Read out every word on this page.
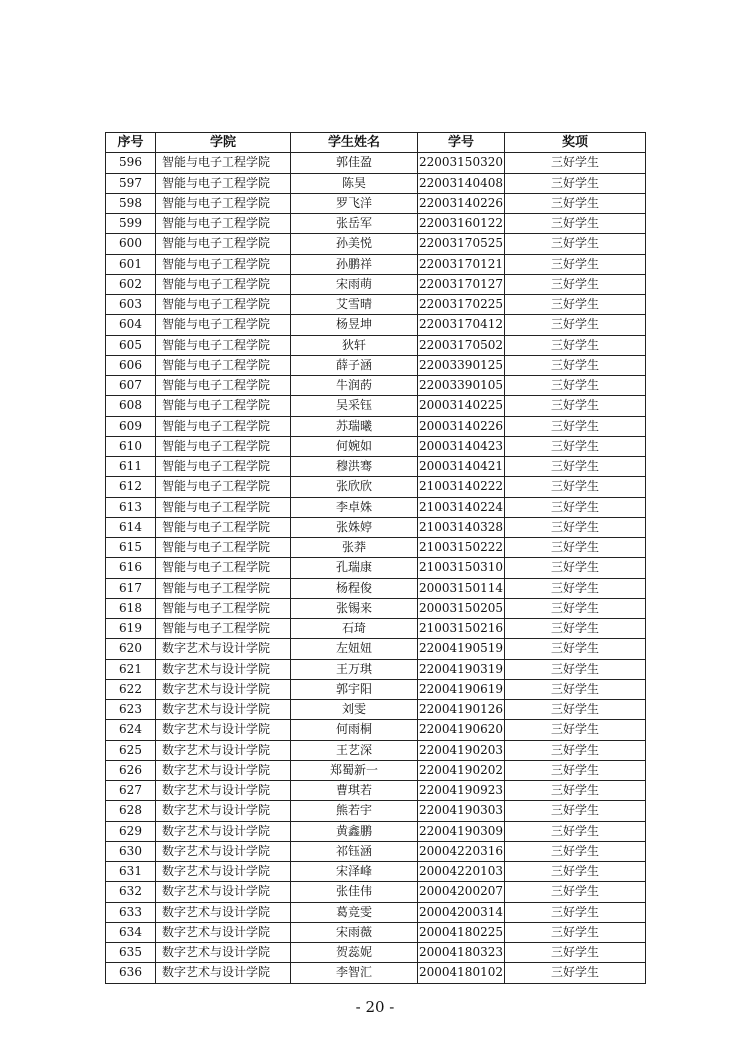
序号	学院	学生姓名	学号	奖项
596	智能与电子工程学院	郭佳盈	22003150320	三好学生
597	智能与电子工程学院	陈昊	22003140408	三好学生
598	智能与电子工程学院	罗飞洋	22003140226	三好学生
599	智能与电子工程学院	张岳军	22003160122	三好学生
600	智能与电子工程学院	孙美悦	22003170525	三好学生
601	智能与电子工程学院	孙鹏祥	22003170121	三好学生
602	智能与电子工程学院	宋雨萌	22003170127	三好学生
603	智能与电子工程学院	艾雪晴	22003170225	三好学生
604	智能与电子工程学院	杨昱坤	22003170412	三好学生
605	智能与电子工程学院	狄轩	22003170502	三好学生
606	智能与电子工程学院	薛子涵	22003390125	三好学生
607	智能与电子工程学院	牛润菂	22003390105	三好学生
608	智能与电子工程学院	吴采钰	20003140225	三好学生
609	智能与电子工程学院	苏瑞曦	20003140226	三好学生
610	智能与电子工程学院	何婉如	20003140423	三好学生
611	智能与电子工程学院	穆洪骞	20003140421	三好学生
612	智能与电子工程学院	张欣欣	21003140222	三好学生
613	智能与电子工程学院	李卓姝	21003140224	三好学生
614	智能与电子工程学院	张姝婷	21003140328	三好学生
615	智能与电子工程学院	张莽	21003150222	三好学生
616	智能与电子工程学院	孔瑞康	21003150310	三好学生
617	智能与电子工程学院	杨程俊	20003150114	三好学生
618	智能与电子工程学院	张锡来	20003150205	三好学生
619	智能与电子工程学院	石琦	21003150216	三好学生
620	数字艺术与设计学院	左妞妞	22004190519	三好学生
621	数字艺术与设计学院	王万琪	22004190319	三好学生
622	数字艺术与设计学院	郭宇阳	22004190619	三好学生
623	数字艺术与设计学院	刘雯	22004190126	三好学生
624	数字艺术与设计学院	何雨桐	22004190620	三好学生
625	数字艺术与设计学院	王艺深	22004190203	三好学生
626	数字艺术与设计学院	郑蜀新一	22004190202	三好学生
627	数字艺术与设计学院	曹琪若	22004190923	三好学生
628	数字艺术与设计学院	熊若宇	22004190303	三好学生
629	数字艺术与设计学院	黄鑫鹏	22004190309	三好学生
630	数字艺术与设计学院	祁钰涵	20004220316	三好学生
631	数字艺术与设计学院	宋泽峰	20004220103	三好学生
632	数字艺术与设计学院	张佳伟	20004200207	三好学生
633	数字艺术与设计学院	葛竞雯	20004200314	三好学生
634	数字艺术与设计学院	宋雨薇	20004180225	三好学生
635	数字艺术与设计学院	贺蕊妮	20004180323	三好学生
636	数字艺术与设计学院	李智汇	20004180102	三好学生
- 20 -
